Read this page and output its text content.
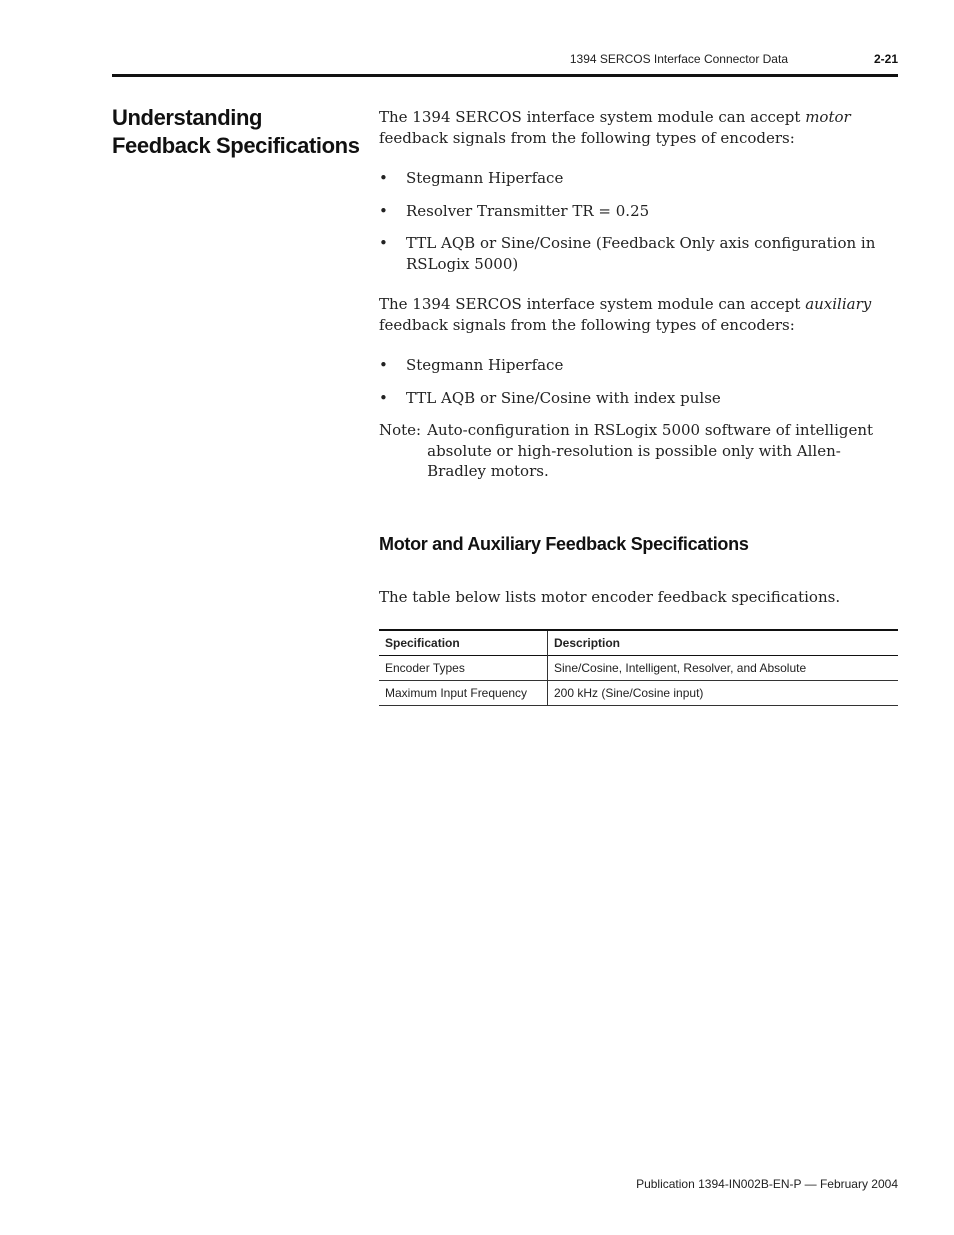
1394 SERCOS Interface Connector Data	2-21
Understanding Feedback Specifications

The 1394 SERCOS interface system module can accept motor feedback signals from the following types of encoders:

• Stegmann Hiperface
• Resolver Transmitter TR = 0.25
• TTL AQB or Sine/Cosine (Feedback Only axis configuration in RSLogix 5000)

The 1394 SERCOS interface system module can accept auxiliary feedback signals from the following types of encoders:

• Stegmann Hiperface
• TTL AQB or Sine/Cosine with index pulse
Note: Auto-configuration in RSLogix 5000 software of intelligent absolute or high-resolution is possible only with Allen-Bradley motors.
Motor and Auxiliary Feedback Specifications

The table below lists motor encoder feedback specifications.

Specification	Description
Encoder Types	Sine/Cosine, Intelligent, Resolver, and Absolute
Maximum Input Frequency	200 kHz (Sine/Cosine input)
Publication 1394-IN002B-EN-P — February 2004
